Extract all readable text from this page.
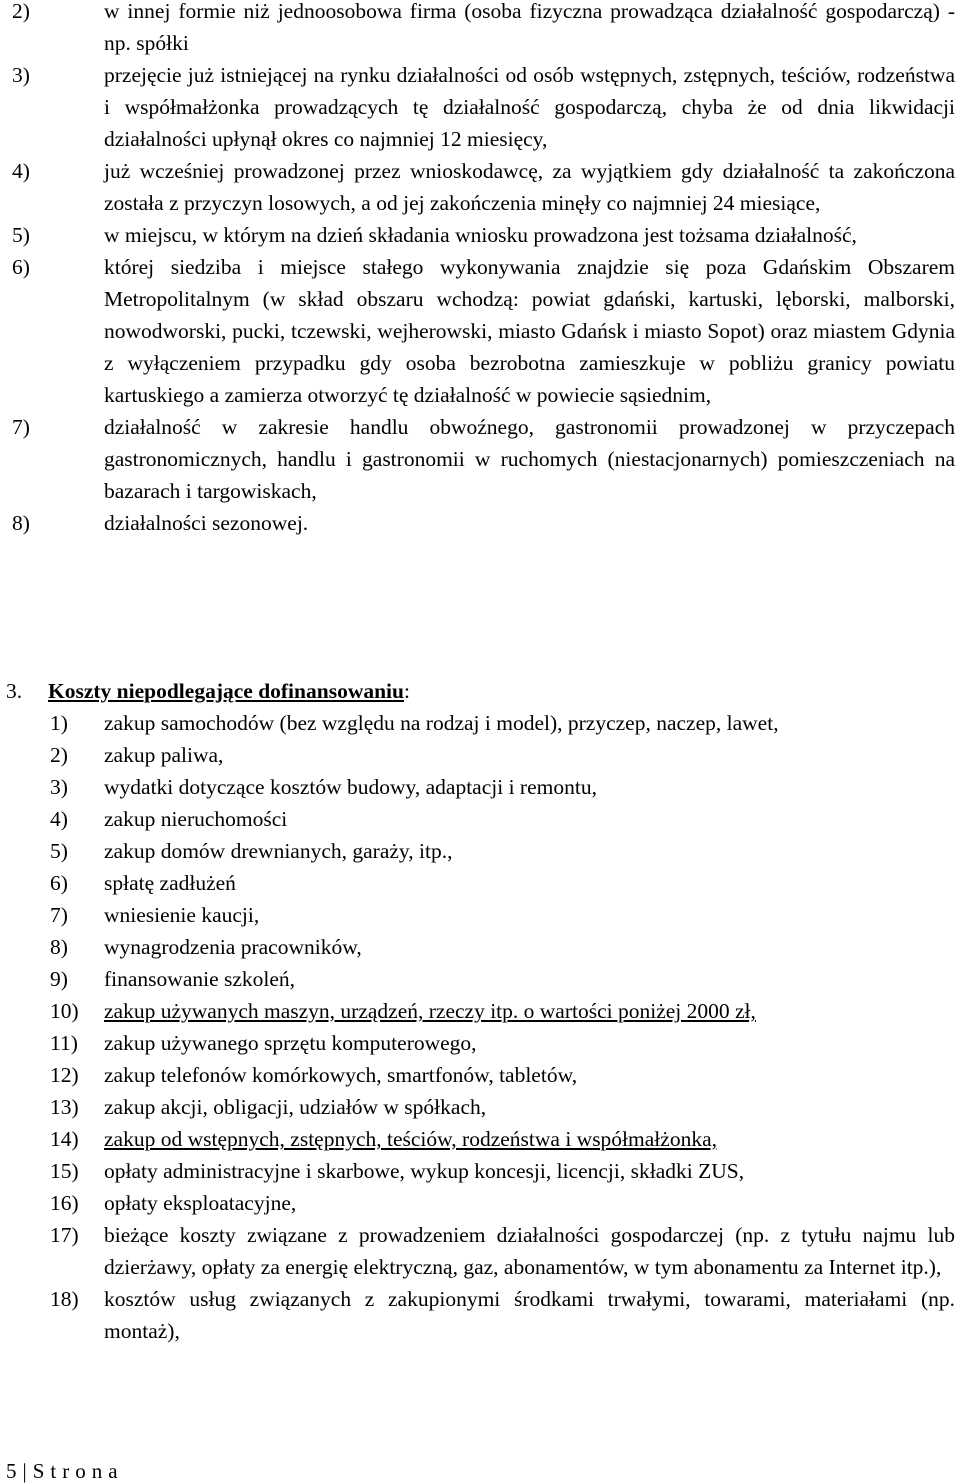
2)	w innej formie niż jednoosobowa firma (osoba fizyczna prowadząca działalność gospodarczą) - np. spółki
3)	przejęcie już istniejącej na rynku działalności od osób wstępnych, zstępnych, teściów, rodzeństwa i współmałżonka prowadzących tę działalność gospodarczą, chyba że od dnia likwidacji działalności upłynął okres co najmniej 12 miesięcy,
4)	już wcześniej prowadzonej przez wnioskodawcę, za wyjątkiem gdy działalność ta zakończona została z przyczyn losowych, a od jej zakończenia minęły co najmniej 24 miesiące,
5)	w miejscu, w którym na dzień składania wniosku prowadzona jest tożsama działalność,
6)	której siedziba i miejsce stałego wykonywania znajdzie się poza Gdańskim Obszarem Metropolitalnym (w skład obszaru wchodzą: powiat gdański, kartuski, lęborski, malborski, nowodworski, pucki, tczewski, wejherowski, miasto Gdańsk i miasto Sopot) oraz miastem Gdynia z wyłączeniem przypadku gdy osoba bezrobotna zamieszkuje w pobliżu granicy powiatu kartuskiego a zamierza otworzyć tę działalność w powiecie sąsiednim,
7)	działalność w zakresie handlu obwoźnego, gastronomii prowadzonej w przyczepach gastronomicznych, handlu i gastronomii w ruchomych (niestacjonarnych) pomieszczeniach na bazarach i targowiskach,
8)	działalności sezonowej.
3. Koszty niepodlegające dofinansowaniu:
1) zakup samochodów (bez względu na rodzaj i model), przyczep, naczep, lawet,
2) zakup paliwa,
3) wydatki dotyczące kosztów budowy, adaptacji i remontu,
4) zakup nieruchomości
5) zakup domów drewnianych, garaży, itp.,
6) spłatę zadłużeń
7) wniesienie kaucji,
8) wynagrodzenia pracowników,
9) finansowanie szkoleń,
10) zakup używanych maszyn, urządzeń, rzeczy itp. o wartości poniżej 2000 zł,
11) zakup używanego sprzętu komputerowego,
12) zakup telefonów komórkowych, smartfonów, tabletów,
13) zakup akcji, obligacji, udziałów w spółkach,
14) zakup od wstępnych, zstępnych, teściów, rodzeństwa i współmałżonka,
15) opłaty administracyjne i skarbowe, wykup koncesji, licencji, składki ZUS,
16) opłaty eksploatacyjne,
17) bieżące koszty związane z prowadzeniem działalności gospodarczej (np. z tytułu najmu lub dzierżawy, opłaty za energię elektryczną, gaz, abonamentów, w tym abonamentu za Internet itp.),
18) kosztów usług związanych z zakupionymi środkami trwałymi, towarami, materiałami (np. montaż),
5 | Strona
